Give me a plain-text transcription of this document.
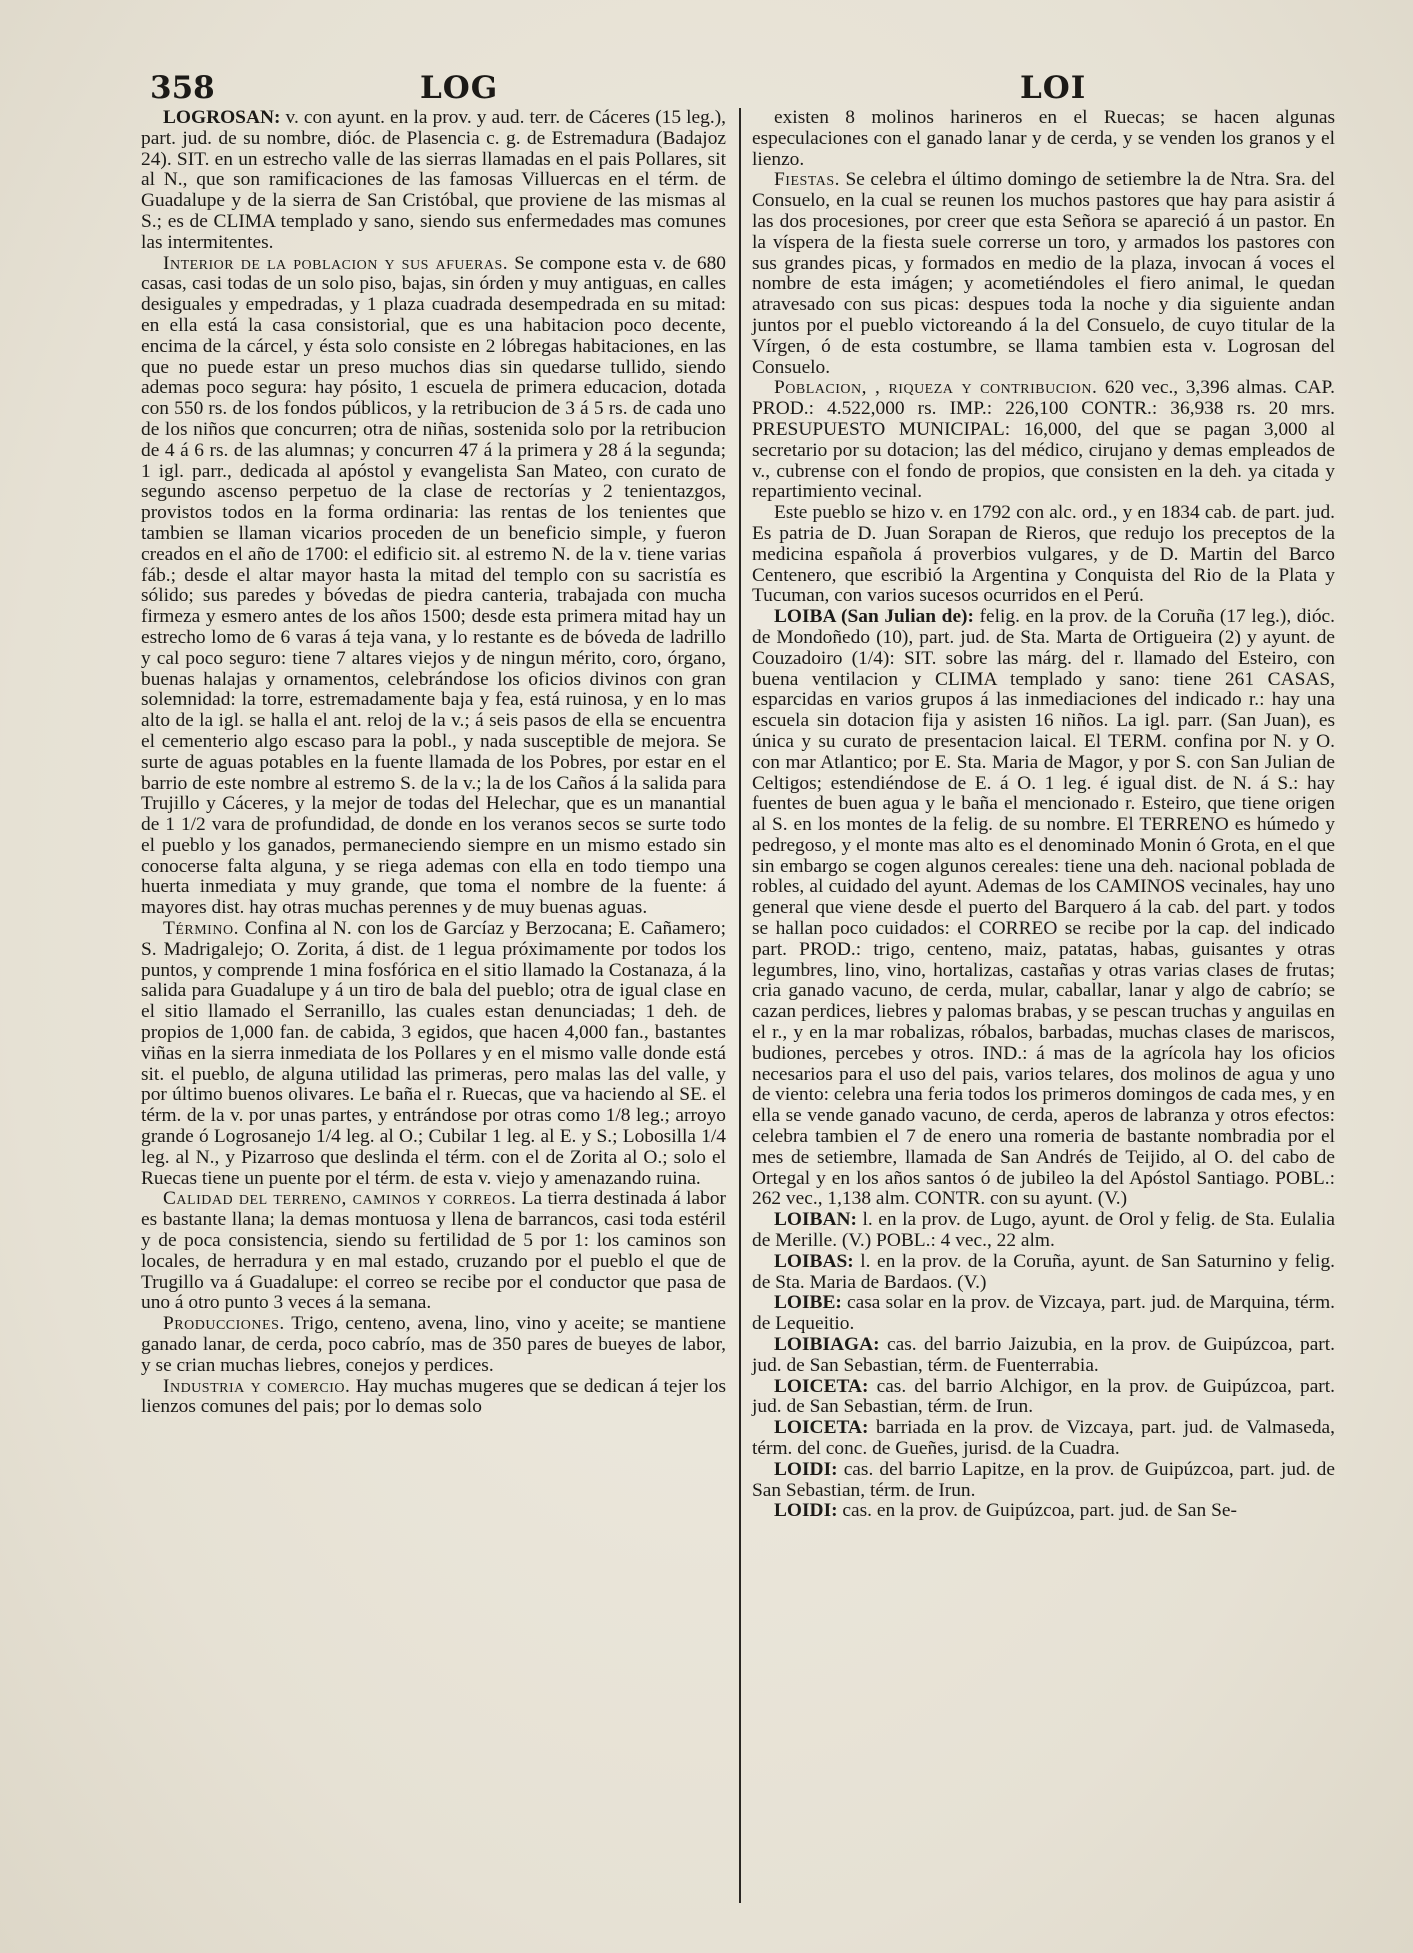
358	LOG	LOI

LOGROSAN: v. con ayunt. en la prov. y aud. terr. de Cáceres (15 leg.), part. jud. de su nombre, dióc. de Plasencia c. g. de Estremadura (Badajoz 24). SIT. en un estrecho valle de las sierras llamadas en el pais Pollares, sit al N., que son ramificaciones de las famosas Villuercas en el térm. de Guadalupe y de la sierra de San Cristóbal, que proviene de las mismas al S.; es de CLIMA templado y sano, siendo sus enfermedades mas comunes las intermitentes.

Interior de la poblacion y sus afueras. Se compone esta v. de 680 casas, casi todas de un solo piso, bajas, sin órden y muy antiguas, en calles desiguales y empedradas, y 1 plaza cuadrada desempedrada en su mitad: en ella está la casa consistorial, que es una habitacion poco decente, encima de la cárcel, y ésta solo consiste en 2 lóbregas habitaciones, en las que no puede estar un preso muchos dias sin quedarse tullido, siendo ademas poco segura: hay pósito, 1 escuela de primera educacion, dotada con 550 rs. de los fondos públicos, y la retribucion de 3 á 5 rs. de cada uno de los niños que concurren; otra de niñas, sostenida solo por la retribucion de 4 á 6 rs. de las alumnas; y concurren 47 á la primera y 28 á la segunda; 1 igl. parr., dedicada al apóstol y evangelista San Mateo, con curato de segundo ascenso perpetuo de la clase de rectorías y 2 tenientazgos, provistos todos en la forma ordinaria: las rentas de los tenientes que tambien se llaman vicarios proceden de un beneficio simple, y fueron creados en el año de 1700: el edificio sit. al estremo N. de la v. tiene varias fáb.; desde el altar mayor hasta la mitad del templo con su sacristía es sólido; sus paredes y bóvedas de piedra canteria, trabajada con mucha firmeza y esmero antes de los años 1500; desde esta primera mitad hay un estrecho lomo de 6 varas á teja vana, y lo restante es de bóveda de ladrillo y cal poco seguro: tiene 7 altares viejos y de ningun mérito, coro, órgano, buenas halajas y ornamentos, celebrándose los oficios divinos con gran solemnidad: la torre, estremadamente baja y fea, está ruinosa, y en lo mas alto de la igl. se halla el ant. reloj de la v.; á seis pasos de ella se encuentra el cementerio algo escaso para la pobl., y nada susceptible de mejora. Se surte de aguas potables en la fuente llamada de los Pobres, por estar en el barrio de este nombre al estremo S. de la v.; la de los Caños á la salida para Trujillo y Cáceres, y la mejor de todas del Helechar, que es un manantial de 1 1/2 vara de profundidad, de donde en los veranos secos se surte todo el pueblo y los ganados, permaneciendo siempre en un mismo estado sin conocerse falta alguna, y se riega ademas con ella en todo tiempo una huerta inmediata y muy grande, que toma el nombre de la fuente: á mayores dist. hay otras muchas perennes y de muy buenas aguas.

Término. Confina al N. con los de Garcíaz y Berzocana; E. Cañamero; S. Madrigalejo; O. Zorita, á dist. de 1 legua próximamente por todos los puntos, y comprende 1 mina fosfórica en el sitio llamado la Costanaza, á la salida para Guadalupe y á un tiro de bala del pueblo; otra de igual clase en el sitio llamado el Serranillo, las cuales estan denunciadas; 1 deh. de propios de 1,000 fan. de cabida, 3 egidos, que hacen 4,000 fan., bastantes viñas en la sierra inmediata de los Pollares y en el mismo valle donde está sit. el pueblo, de alguna utilidad las primeras, pero malas las del valle, y por último buenos olivares. Le baña el r. Ruecas, que va haciendo al SE. el térm. de la v. por unas partes, y entrándose por otras como 1/8 leg.; arroyo grande ó Logrosanejo 1/4 leg. al O.; Cubilar 1 leg. al E. y S.; Lobosilla 1/4 leg. al N., y Pizarroso que deslinda el térm. con el de Zorita al O.; solo el Ruecas tiene un puente por el térm. de esta v. viejo y amenazando ruina.

Calidad del terreno, caminos y correos. La tierra destinada á labor es bastante llana; la demas montuosa y llena de barrancos, casi toda estéril y de poca consistencia, siendo su fertilidad de 5 por 1: los caminos son locales, de herradura y en mal estado, cruzando por el pueblo el que de Trugillo va á Guadalupe: el correo se recibe por el conductor que pasa de uno á otro punto 3 veces á la semana.

Producciones. Trigo, centeno, avena, lino, vino y aceite; se mantiene ganado lanar, de cerda, poco cabrío, mas de 350 pares de bueyes de labor, y se crian muchas liebres, conejos y perdices.

Industria y comercio. Hay muchas mugeres que se dedican á tejer los lienzos comunes del pais; por lo demas solo

existen 8 molinos harineros en el Ruecas; se hacen algunas especulaciones con el ganado lanar y de cerda, y se venden los granos y el lienzo.

Fiestas. Se celebra el último domingo de setiembre la de Ntra. Sra. del Consuelo, en la cual se reunen los muchos pastores que hay para asistir á las dos procesiones, por creer que esta Señora se apareció á un pastor. En la víspera de la fiesta suele correrse un toro, y armados los pastores con sus grandes picas, y formados en medio de la plaza, invocan á voces el nombre de esta imágen; y acometiéndoles el fiero animal, le quedan atravesado con sus picas: despues toda la noche y dia siguiente andan juntos por el pueblo victoreando á la del Consuelo, de cuyo titular de la Vírgen, ó de esta costumbre, se llama tambien esta v. Logrosan del Consuelo.

Poblacion, , riqueza y contribucion. 620 vec., 3,396 almas. CAP. PROD.: 4.522,000 rs. IMP.: 226,100 CONTR.: 36,938 rs. 20 mrs. PRESUPUESTO MUNICIPAL: 16,000, del que se pagan 3,000 al secretario por su dotacion; las del médico, cirujano y demas empleados de v., cubrense con el fondo de propios, que consisten en la deh. ya citada y repartimiento vecinal.

Este pueblo se hizo v. en 1792 con alc. ord., y en 1834 cab. de part. jud. Es patria de D. Juan Sorapan de Rieros, que redujo los preceptos de la medicina española á proverbios vulgares, y de D. Martin del Barco Centenero, que escribió la Argentina y Conquista del Rio de la Plata y Tucuman, con varios sucesos ocurridos en el Perú.

LOIBA (San Julian de): felig. en la prov. de la Coruña (17 leg.), dióc. de Mondoñedo (10), part. jud. de Sta. Marta de Ortigueira (2) y ayunt. de Couzadoiro (1/4): SIT. sobre las márg. del r. llamado del Esteiro, con buena ventilacion y CLIMA templado y sano: tiene 261 CASAS, esparcidas en varios grupos á las inmediaciones del indicado r.: hay una escuela sin dotacion fija y asisten 16 niños. La igl. parr. (San Juan), es única y su curato de presentacion laical. El TERM. confina por N. y O. con mar Atlantico; por E. Sta. Maria de Magor, y por S. con San Julian de Celtigos; estendiéndose de E. á O. 1 leg. é igual dist. de N. á S.: hay fuentes de buen agua y le baña el mencionado r. Esteiro, que tiene origen al S. en los montes de la felig. de su nombre. El TERRENO es húmedo y pedregoso, y el monte mas alto es el denominado Monin ó Grota, en el que sin embargo se cogen algunos cereales: tiene una deh. nacional poblada de robles, al cuidado del ayunt. Ademas de los CAMINOS vecinales, hay uno general que viene desde el puerto del Barquero á la cab. del part. y todos se hallan poco cuidados: el CORREO se recibe por la cap. del indicado part. PROD.: trigo, centeno, maiz, patatas, habas, guisantes y otras legumbres, lino, vino, hortalizas, castañas y otras varias clases de frutas; cria ganado vacuno, de cerda, mular, caballar, lanar y algo de cabrío; se cazan perdices, liebres y palomas brabas, y se pescan truchas y anguilas en el r., y en la mar robalizas, róbalos, barbadas, muchas clases de mariscos, budiones, percebes y otros. IND.: á mas de la agrícola hay los oficios necesarios para el uso del pais, varios telares, dos molinos de agua y uno de viento: celebra una feria todos los primeros domingos de cada mes, y en ella se vende ganado vacuno, de cerda, aperos de labranza y otros efectos: celebra tambien el 7 de enero una romeria de bastante nombradia por el mes de setiembre, llamada de San Andrés de Teijido, al O. del cabo de Ortegal y en los años santos ó de jubileo la del Apóstol Santiago. POBL.: 262 vec., 1,138 alm. CONTR. con su ayunt. (V.)

LOIBAN: l. en la prov. de Lugo, ayunt. de Orol y felig. de Sta. Eulalia de Merille. (V.) POBL.: 4 vec., 22 alm.

LOIBAS: l. en la prov. de la Coruña, ayunt. de San Saturnino y felig. de Sta. Maria de Bardaos. (V.)

LOIBE: casa solar en la prov. de Vizcaya, part. jud. de Marquina, térm. de Lequeitio.

LOIBIAGA: cas. del barrio Jaizubia, en la prov. de Guipúzcoa, part. jud. de San Sebastian, térm. de Fuenterrabia.

LOICETA: cas. del barrio Alchigor, en la prov. de Guipúzcoa, part. jud. de San Sebastian, térm. de Irun.

LOICETA: barriada en la prov. de Vizcaya, part. jud. de Valmaseda, térm. del conc. de Gueñes, jurisd. de la Cuadra.

LOIDI: cas. del barrio Lapitze, en la prov. de Guipúzcoa, part. jud. de San Sebastian, térm. de Irun.

LOIDI: cas. en la prov. de Guipúzcoa, part. jud. de San Se-
